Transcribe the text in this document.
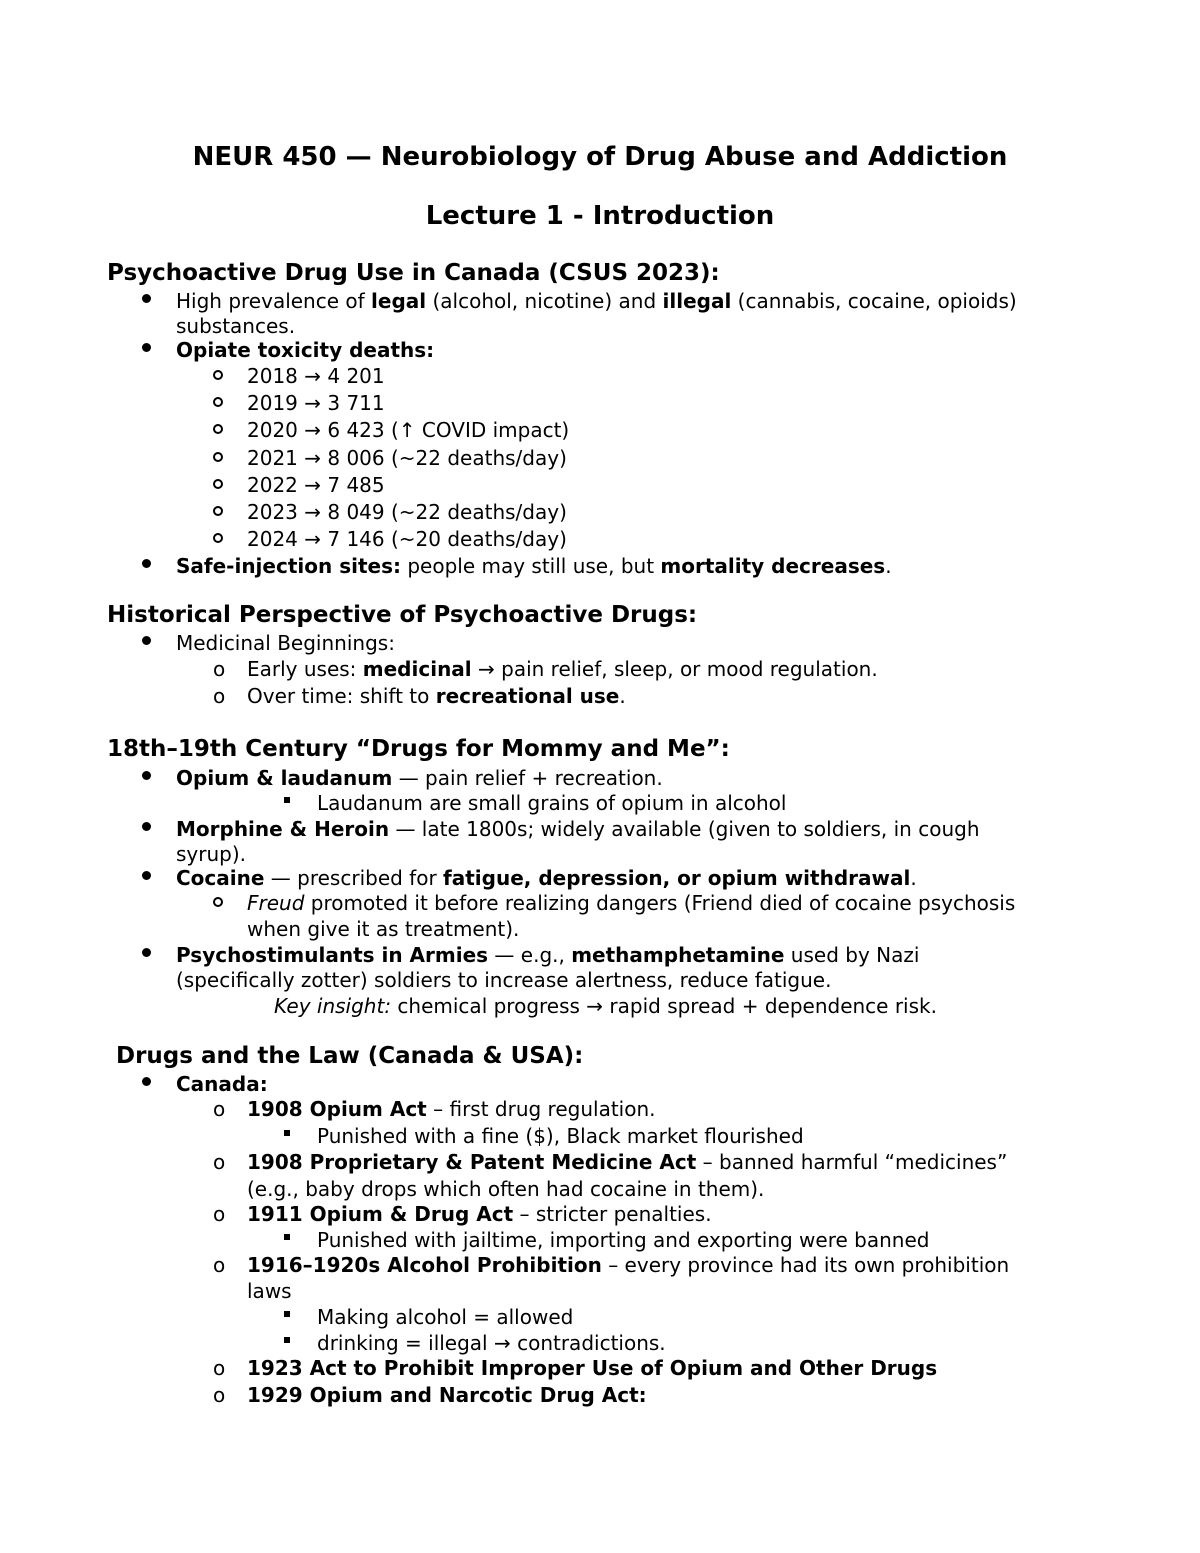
NEUR 450 — Neurobiology of Drug Abuse and Addiction
Lecture 1 - Introduction
Psychoactive Drug Use in Canada (CSUS 2023):
High prevalence of legal (alcohol, nicotine) and illegal (cannabis, cocaine, opioids)
substances.
Opiate toxicity deaths:
2018 → 4 201
2019 → 3 711
2020 → 6 423 (↑ COVID impact)
2021 → 8 006 (~22 deaths/day)
2022 → 7 485
2023 → 8 049 (~22 deaths/day)
2024 → 7 146 (~20 deaths/day)
Safe-injection sites: people may still use, but mortality decreases.
Historical Perspective of Psychoactive Drugs:
Medicinal Beginnings:
o Early uses: medicinal → pain relief, sleep, or mood regulation.
o Over time: shift to recreational use.
18th–19th Century “Drugs for Mommy and Me”:
Opium & laudanum — pain relief + recreation.
Laudanum are small grains of opium in alcohol
Morphine & Heroin — late 1800s; widely available (given to soldiers, in cough
syrup).
Cocaine — prescribed for fatigue, depression, or opium withdrawal.
Freud promoted it before realizing dangers (Friend died of cocaine psychosis
when give it as treatment).
Psychostimulants in Armies — e.g., methamphetamine used by Nazi
(specifically zotter) soldiers to increase alertness, reduce fatigue.
Key insight: chemical progress → rapid spread + dependence risk.
Drugs and the Law (Canada & USA):
Canada:
o 1908 Opium Act – first drug regulation.
Punished with a fine ($), Black market flourished
o 1908 Proprietary & Patent Medicine Act – banned harmful “medicines”
(e.g., baby drops which often had cocaine in them).
o 1911 Opium & Drug Act – stricter penalties.
Punished with jailtime, importing and exporting were banned
o 1916–1920s Alcohol Prohibition – every province had its own prohibition
laws
Making alcohol = allowed
drinking = illegal → contradictions.
o 1923 Act to Prohibit Improper Use of Opium and Other Drugs
o 1929 Opium and Narcotic Drug Act:
